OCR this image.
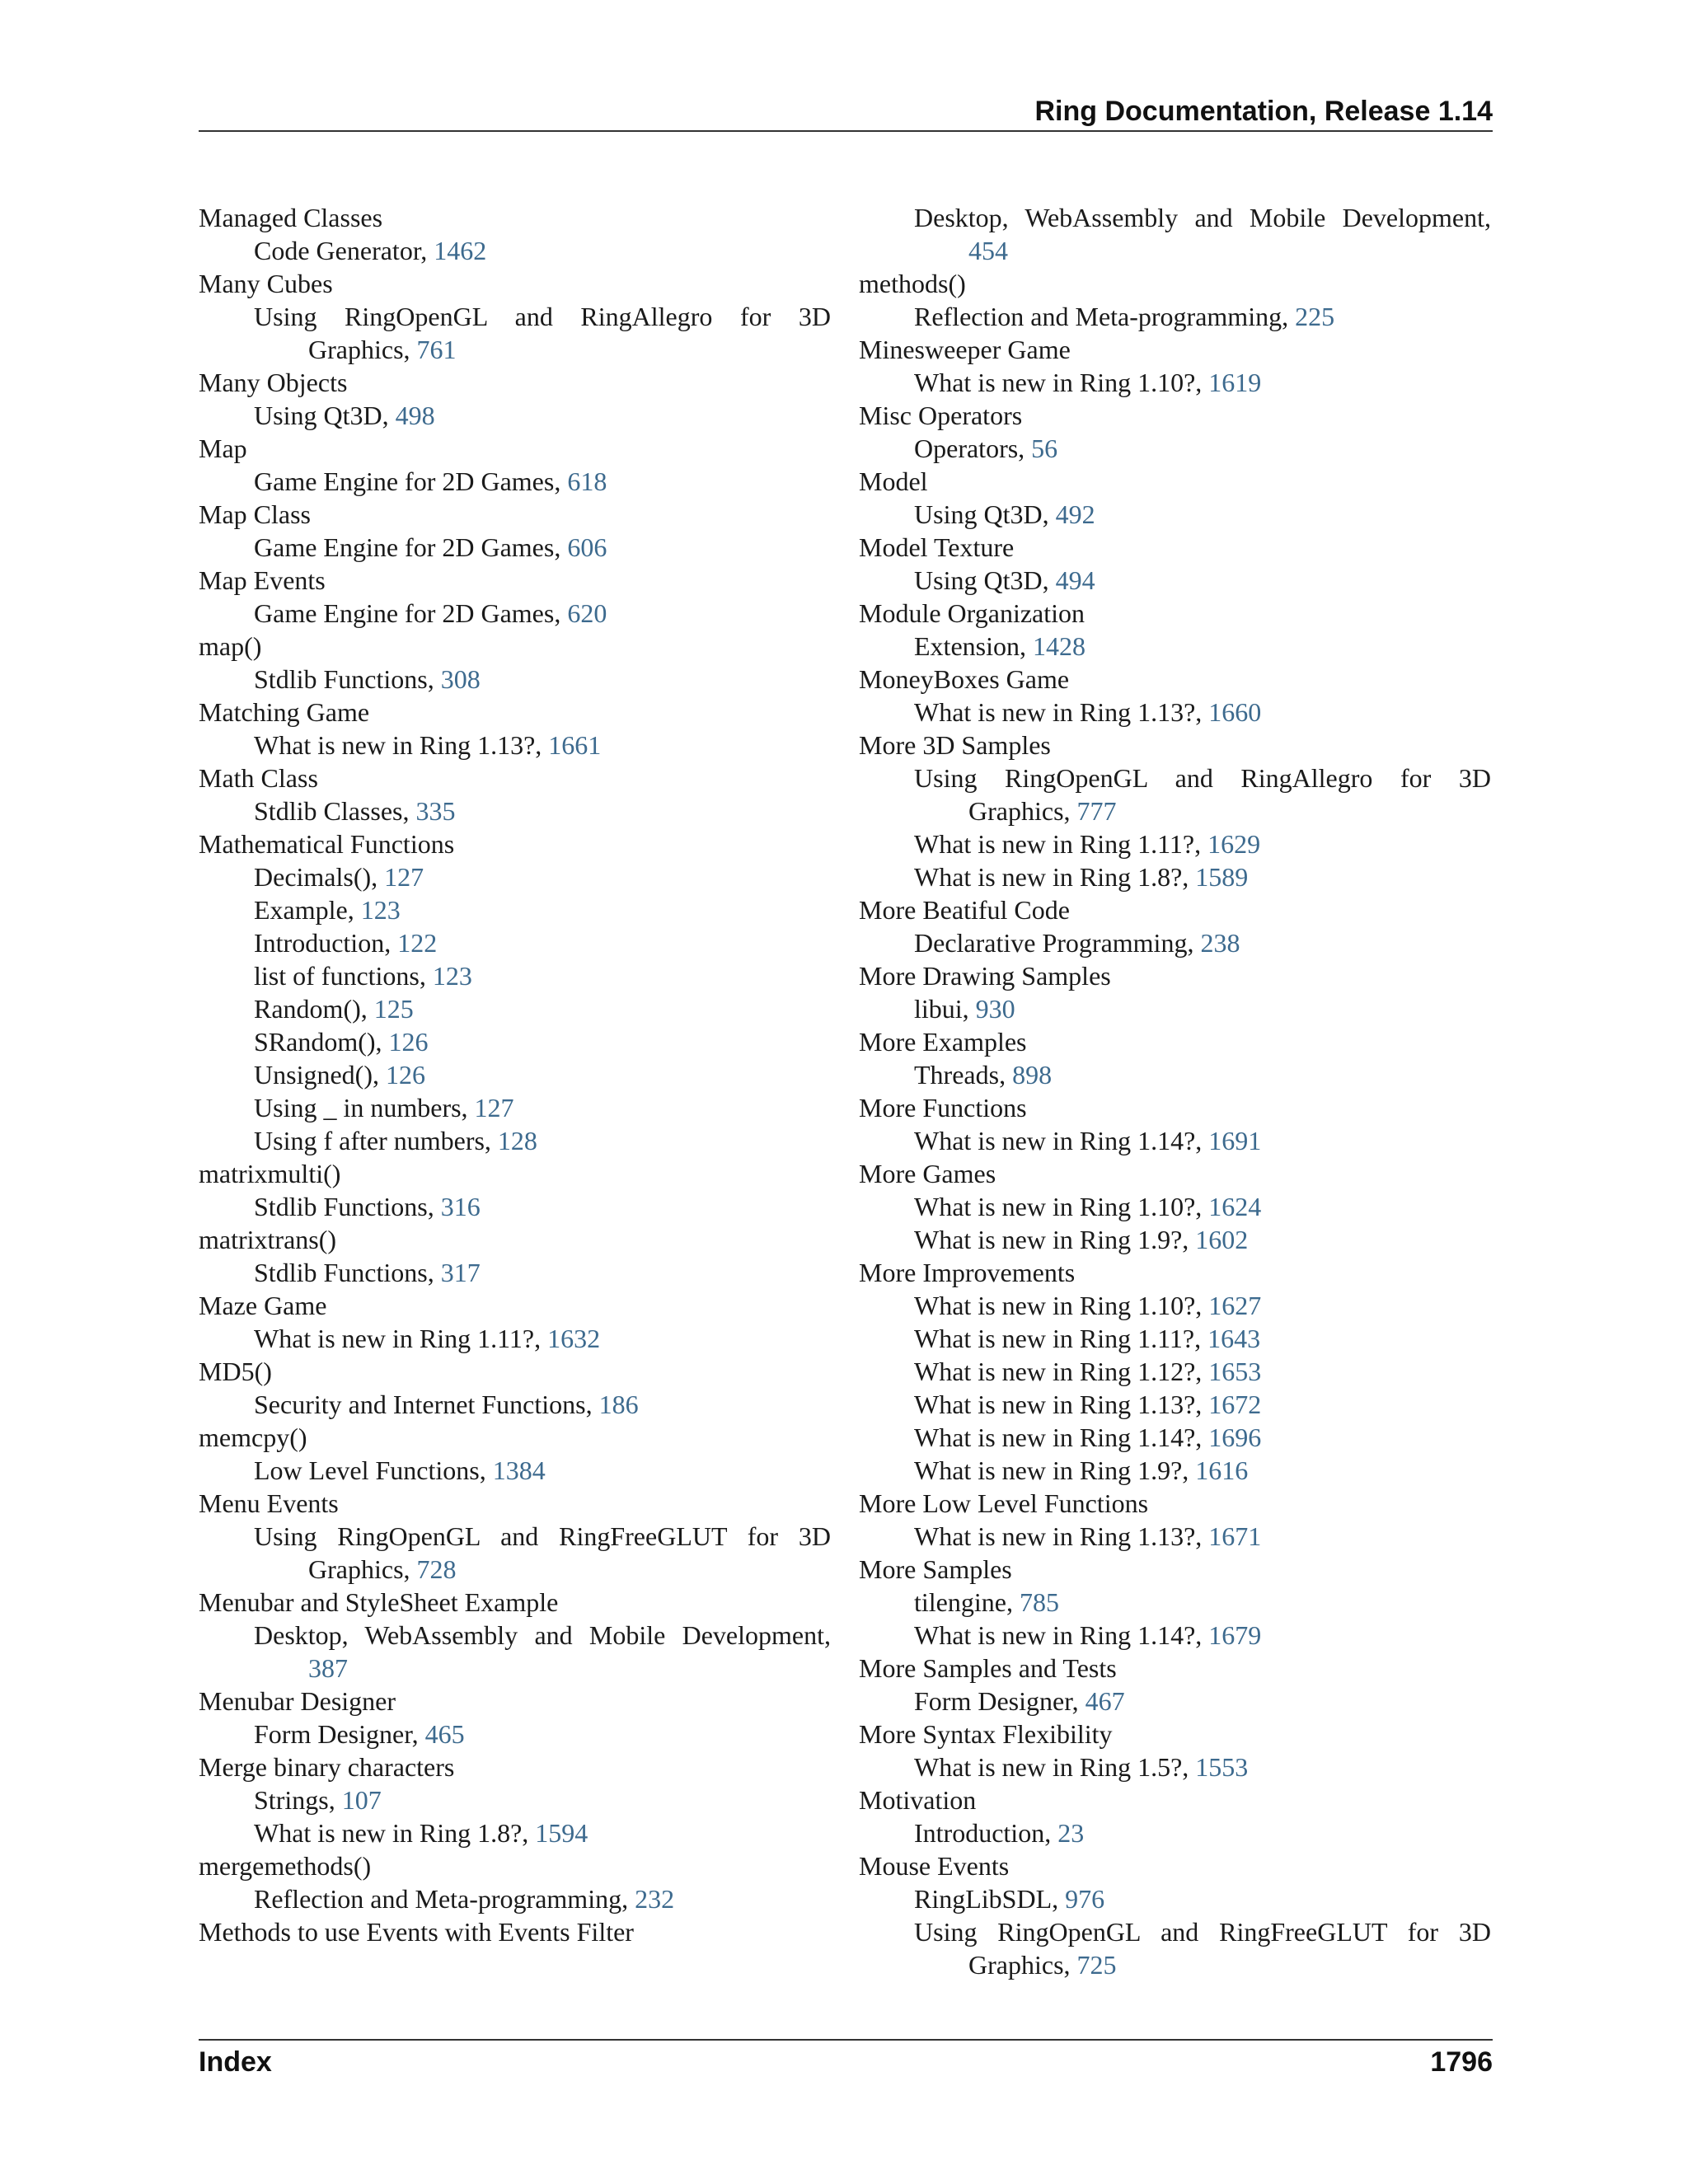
Ring Documentation, Release 1.14

Managed Classes

Code Generator, 1462

Many Cubes

Using RingOpenGL and RingAllegro for 3D Graphics, 761

Many Objects

Using Qt3D, 498

Map

Game Engine for 2D Games, 618

Map Class

Game Engine for 2D Games, 606

Map Events

Game Engine for 2D Games, 620

map()

Stdlib Functions, 308

Matching Game

What is new in Ring 1.13?, 1661

Math Class

Stdlib Classes, 335

Mathematical Functions

Decimals(), 127

Example, 123

Introduction, 122

list of functions, 123

Random(), 125

SRandom(), 126

Unsigned(), 126

Using _ in numbers, 127

Using f after numbers, 128

matrixmulti()

Stdlib Functions, 316

matrixtrans()

Stdlib Functions, 317

Maze Game

What is new in Ring 1.11?, 1632

MD5()

Security and Internet Functions, 186

memcpy()

Low Level Functions, 1384

Menu Events

Using RingOpenGL and RingFreeGLUT for 3D Graphics, 728

Menubar and StyleSheet Example

Desktop, WebAssembly and Mobile Development, 387

Menubar Designer

Form Designer, 465

Merge binary characters

Strings, 107

What is new in Ring 1.8?, 1594

mergemethods()

Reflection and Meta-programming, 232

Methods to use Events with Events Filter

Desktop, WebAssembly and Mobile Development, 454

methods()

Reflection and Meta-programming, 225

Minesweeper Game

What is new in Ring 1.10?, 1619

Misc Operators

Operators, 56

Model

Using Qt3D, 492

Model Texture

Using Qt3D, 494

Module Organization

Extension, 1428

MoneyBoxes Game

What is new in Ring 1.13?, 1660

More 3D Samples

Using RingOpenGL and RingAllegro for 3D Graphics, 777

What is new in Ring 1.11?, 1629

What is new in Ring 1.8?, 1589

More Beatiful Code

Declarative Programming, 238

More Drawing Samples

libui, 930

More Examples

Threads, 898

More Functions

What is new in Ring 1.14?, 1691

More Games

What is new in Ring 1.10?, 1624

What is new in Ring 1.9?, 1602

More Improvements

What is new in Ring 1.10?, 1627

What is new in Ring 1.11?, 1643

What is new in Ring 1.12?, 1653

What is new in Ring 1.13?, 1672

What is new in Ring 1.14?, 1696

What is new in Ring 1.9?, 1616

More Low Level Functions

What is new in Ring 1.13?, 1671

More Samples

tilengine, 785

What is new in Ring 1.14?, 1679

More Samples and Tests

Form Designer, 467

More Syntax Flexibility

What is new in Ring 1.5?, 1553

Motivation

Introduction, 23

Mouse Events

RingLibSDL, 976

Using RingOpenGL and RingFreeGLUT for 3D Graphics, 725

Index	1796
